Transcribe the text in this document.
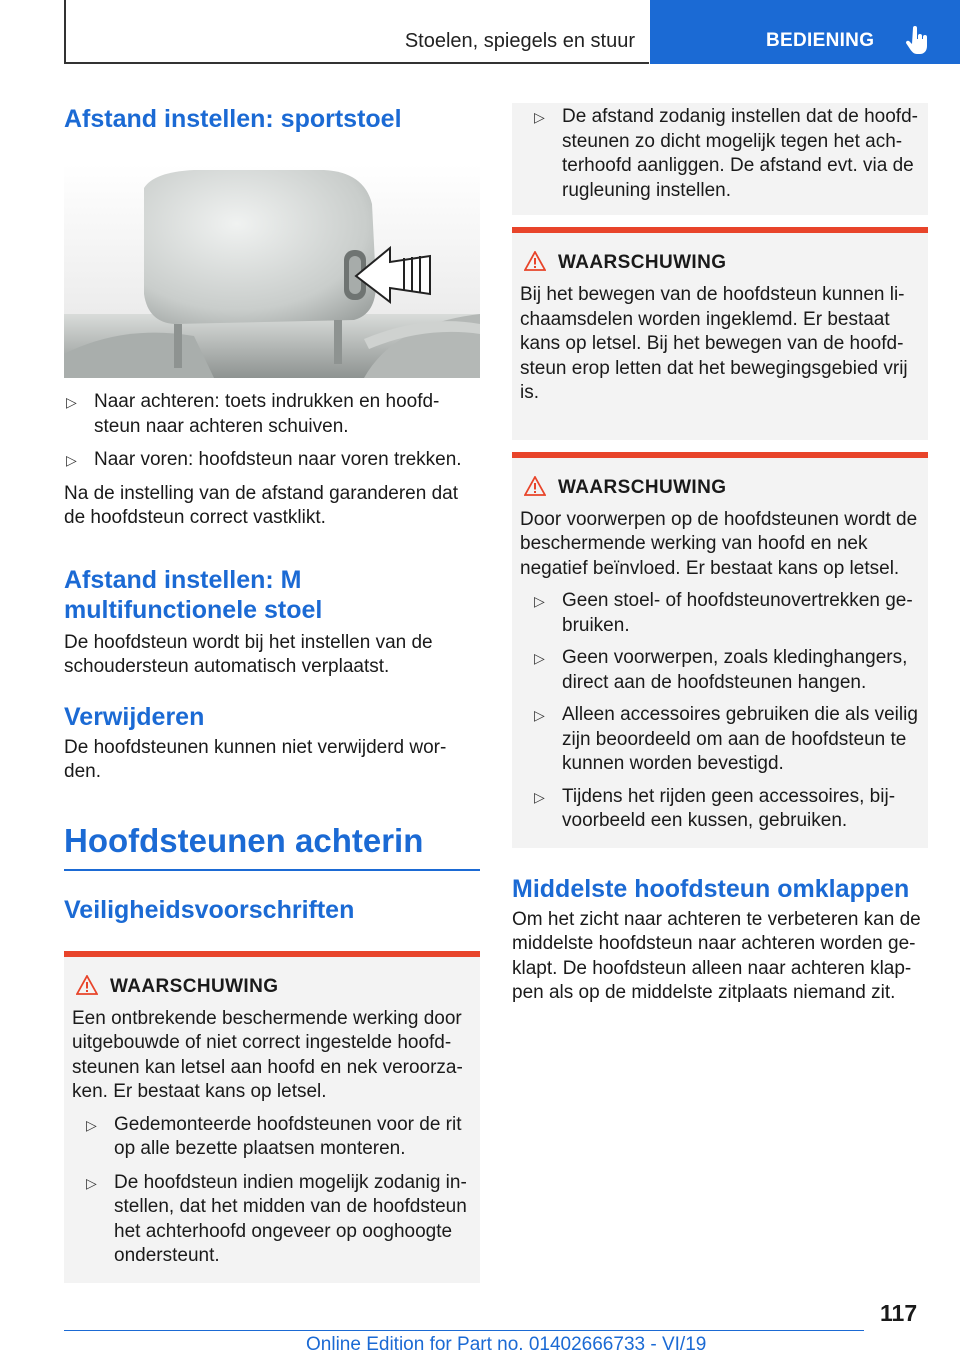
Stoelen, spiegels en stuur	BEDIENING
Afstand instellen: sportstoel
▷ Naar achteren: toets indrukken en hoofd-steun naar achteren schuiven.
▷ Naar voren: hoofdsteun naar voren trekken.

Na de instelling van de afstand garanderen dat de hoofdsteun correct vastklikt.

Afstand instellen: M multifunctionele stoel

De hoofdsteun wordt bij het instellen van de schoudersteun automatisch verplaatst.

Verwijderen

De hoofdsteunen kunnen niet verwijderd wor-den.

Hoofdsteunen achterin
Veiligheidsvoorschriften
WAARSCHUWING

Een ontbrekende beschermende werking door uitgebouwde of niet correct ingestelde hoofd-steunen kan letsel aan hoofd en nek veroorza-ken. Er bestaat kans op letsel.

▷ Gedemonteerde hoofdsteunen voor de rit op alle bezette plaatsen monteren.
▷ De hoofdsteun indien mogelijk zodanig in-stellen, dat het midden van de hoofdsteun het achterhoofd ongeveer op ooghoogte ondersteunt.
▷ De afstand zodanig instellen dat de hoofd-steunen zo dicht mogelijk tegen het ach-terhoofd aanliggen. De afstand evt. via de rugleuning instellen.
WAARSCHUWING

Bij het bewegen van de hoofdsteun kunnen li-chaamsdelen worden ingeklemd. Er bestaat kans op letsel. Bij het bewegen van de hoofd-steun erop letten dat het bewegingsgebied vrij is.

WAARSCHUWING

Door voorwerpen op de hoofdsteunen wordt de beschermende werking van hoofd en nek negatief beïnvloed. Er bestaat kans op letsel.

▷ Geen stoel- of hoofdsteunovertrekken ge-bruiken.
▷ Geen voorwerpen, zoals kledinghangers, direct aan de hoofdsteunen hangen.
▷ Alleen accessoires gebruiken die als veilig zijn beoordeeld om aan de hoofdsteun te kunnen worden bevestigd.
▷ Tijdens het rijden geen accessoires, bij-voorbeeld een kussen, gebruiken.
Middelste hoofdsteun omklappen

Om het zicht naar achteren te verbeteren kan de middelste hoofdsteun naar achteren worden ge-klapt. De hoofdsteun alleen naar achteren klap-pen als op de middelste zitplaats niemand zit.

117
Online Edition for Part no. 01402666733 - VI/19
